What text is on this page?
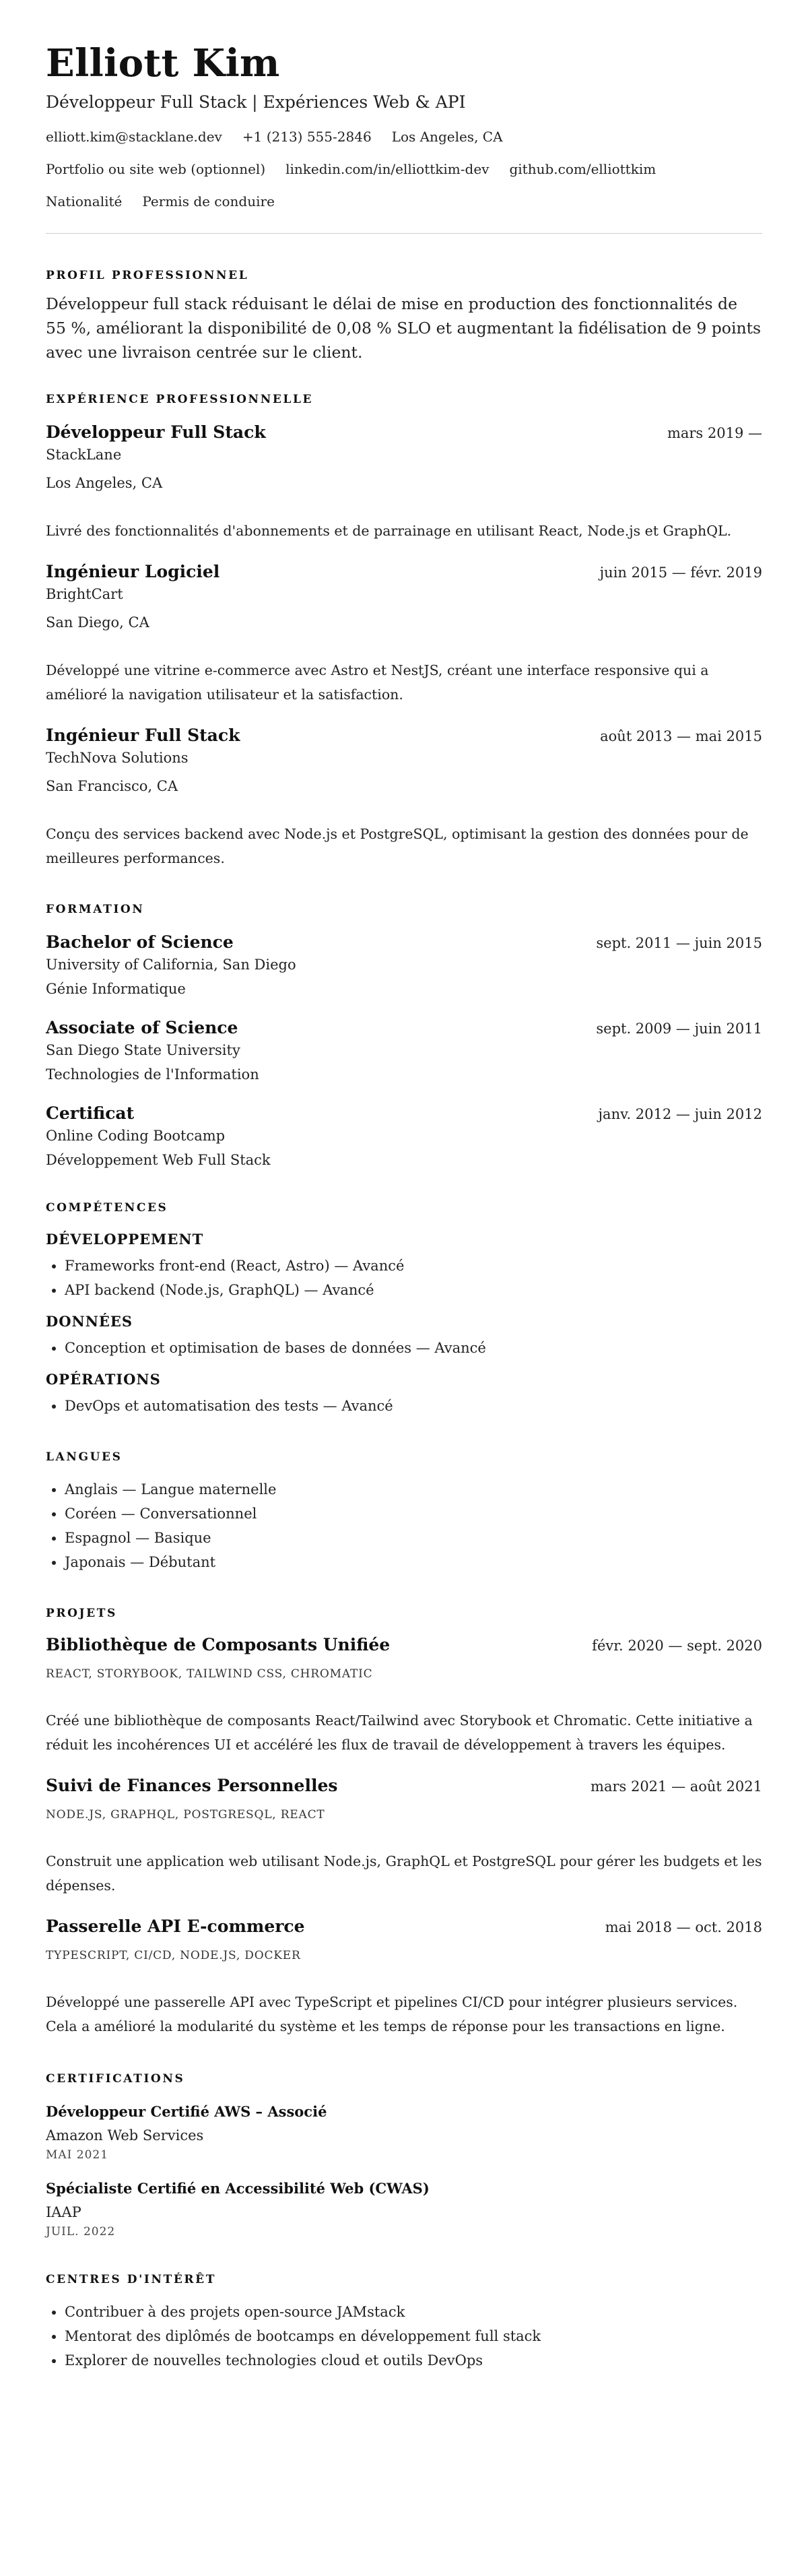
Elliott Kim
Développeur Full Stack | Expériences Web & API
elliott.kim@stacklane.dev +1 (213) 555-2846 Los Angeles, CA
Portfolio ou site web (optionnel) linkedin.com/in/elliottkim-dev github.com/elliottkim
Nationalité Permis de conduire
PROFIL PROFESSIONNEL
Développeur full stack réduisant le délai de mise en production des fonctionnalités de 55 %, améliorant la disponibilité de 0,08 % SLO et augmentant la fidélisation de 9 points avec une livraison centrée sur le client.
EXPÉRIENCE PROFESSIONNELLE
Développeur Full Stack	mars 2019 —
StackLane
Los Angeles, CA
Livré des fonctionnalités d'abonnements et de parrainage en utilisant React, Node.js et GraphQL.
Ingénieur Logiciel	juin 2015 — févr. 2019
BrightCart
San Diego, CA
Développé une vitrine e-commerce avec Astro et NestJS, créant une interface responsive qui a amélioré la navigation utilisateur et la satisfaction.
Ingénieur Full Stack	août 2013 — mai 2015
TechNova Solutions
San Francisco, CA
Conçu des services backend avec Node.js et PostgreSQL, optimisant la gestion des données pour de meilleures performances.
FORMATION
Bachelor of Science	sept. 2011 — juin 2015
University of California, San Diego
Génie Informatique
Associate of Science	sept. 2009 — juin 2011
San Diego State University
Technologies de l'Information
Certificat	janv. 2012 — juin 2012
Online Coding Bootcamp
Développement Web Full Stack
COMPÉTENCES
DÉVELOPPEMENT
• Frameworks front-end (React, Astro) — Avancé
• API backend (Node.js, GraphQL) — Avancé
DONNÉES
• Conception et optimisation de bases de données — Avancé
OPÉRATIONS
• DevOps et automatisation des tests — Avancé
LANGUES
• Anglais — Langue maternelle
• Coréen — Conversationnel
• Espagnol — Basique
• Japonais — Débutant
PROJETS
Bibliothèque de Composants Unifiée	févr. 2020 — sept. 2020
REACT, STORYBOOK, TAILWIND CSS, CHROMATIC
Créé une bibliothèque de composants React/Tailwind avec Storybook et Chromatic. Cette initiative a réduit les incohérences UI et accéléré les flux de travail de développement à travers les équipes.
Suivi de Finances Personnelles	mars 2021 — août 2021
NODE.JS, GRAPHQL, POSTGRESQL, REACT
Construit une application web utilisant Node.js, GraphQL et PostgreSQL pour gérer les budgets et les dépenses.
Passerelle API E-commerce	mai 2018 — oct. 2018
TYPESCRIPT, CI/CD, NODE.JS, DOCKER
Développé une passerelle API avec TypeScript et pipelines CI/CD pour intégrer plusieurs services. Cela a amélioré la modularité du système et les temps de réponse pour les transactions en ligne.
CERTIFICATIONS
Développeur Certifié AWS – Associé
Amazon Web Services
MAI 2021
Spécialiste Certifié en Accessibilité Web (CWAS)
IAAP
JUIL. 2022
CENTRES D'INTÉRÊT
• Contribuer à des projets open-source JAMstack
• Mentorat des diplômés de bootcamps en développement full stack
• Explorer de nouvelles technologies cloud et outils DevOps
